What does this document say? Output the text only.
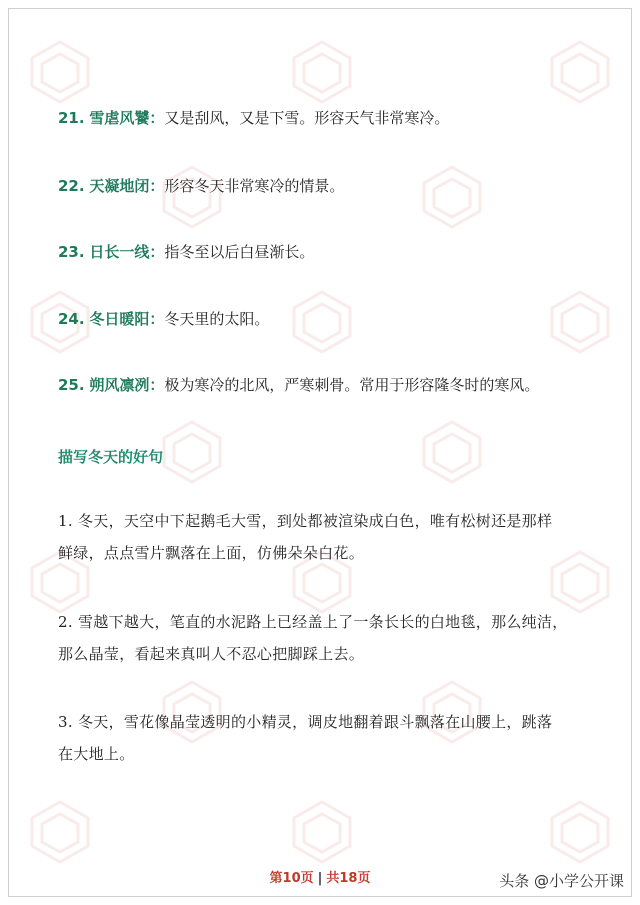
21. 雪虐风饕：又是刮风，又是下雪。形容天气非常寒冷。
22. 天凝地闭：形容冬天非常寒冷的情景。
23. 日长一线：指冬至以后白昼渐长。
24. 冬日暖阳：冬天里的太阳。
25. 朔风凛冽：极为寒冷的北风，严寒刺骨。常用于形容隆冬时的寒风。
描写冬天的好句
1. 冬天，天空中下起鹅毛大雪，到处都被渲染成白色，唯有松树还是那样
鲜绿，点点雪片飘落在上面，仿佛朵朵白花。
2. 雪越下越大，笔直的水泥路上已经盖上了一条长长的白地毯，那么纯洁，
那么晶莹，看起来真叫人不忍心把脚踩上去。
3. 冬天，雪花像晶莹透明的小精灵，调皮地翻着跟斗飘落在山腰上，跳落
在大地上。
第10页 | 共18页	头条 @小学公开课
